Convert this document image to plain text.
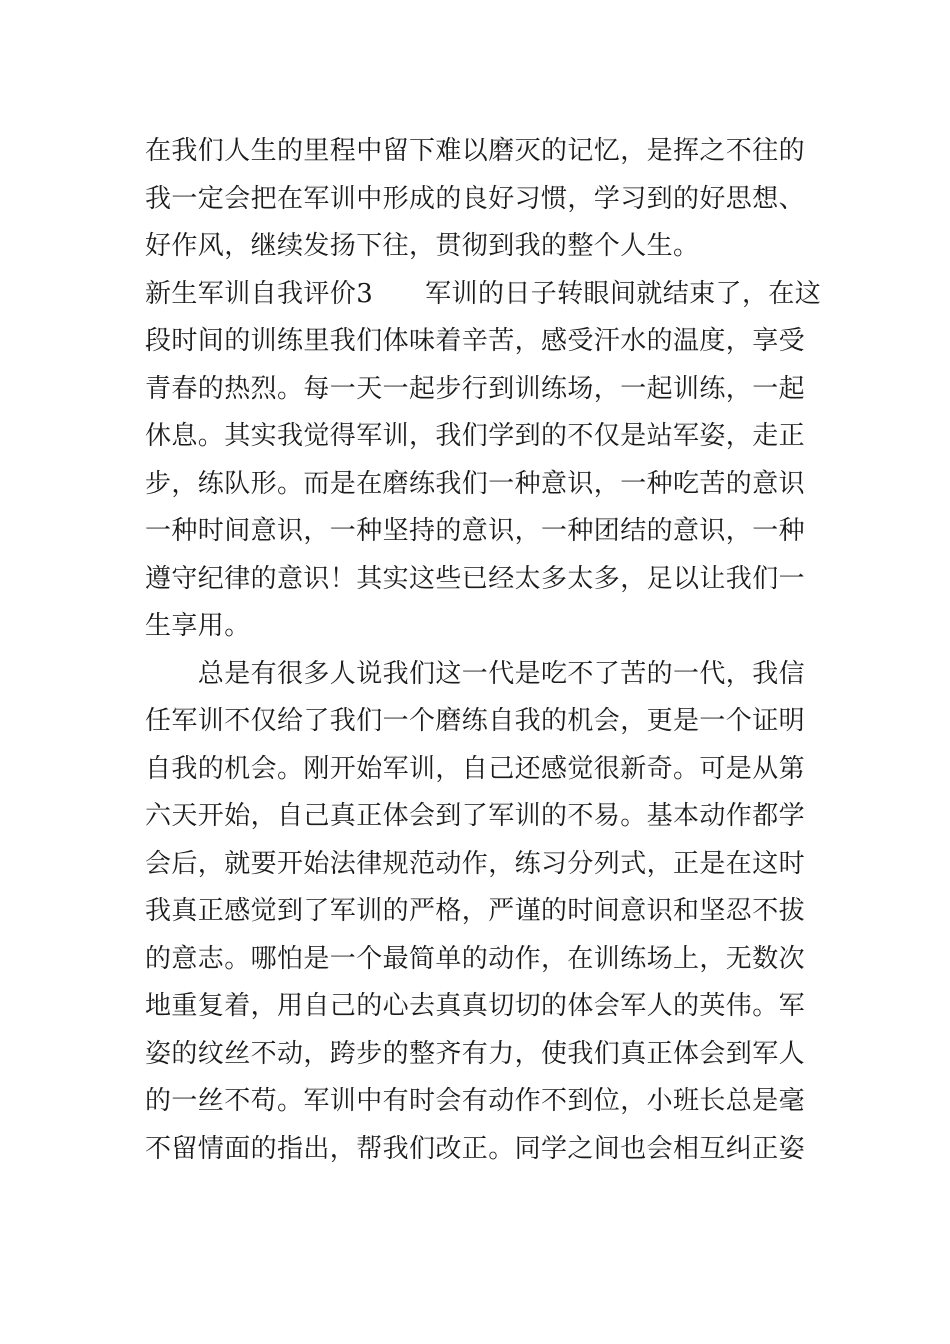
在我们人生的里程中留下难以磨灭的记忆，是挥之不往的
我一定会把在军训中形成的良好习惯，学习到的好思想、
好作风，继续发扬下往，贯彻到我的整个人生。
新生军训自我评价3 军训的日子转眼间就结束了，在这
段时间的训练里我们体味着辛苦，感受汗水的温度，享受
青春的热烈。每一天一起步行到训练场，一起训练，一起
休息。其实我觉得军训，我们学到的不仅是站军姿，走正
步，练队形。而是在磨练我们一种意识，一种吃苦的意识
一种时间意识，一种坚持的意识，一种团结的意识，一种
遵守纪律的意识！其实这些已经太多太多，足以让我们一
生享用。
　　总是有很多人说我们这一代是吃不了苦的一代，我信
任军训不仅给了我们一个磨练自我的机会，更是一个证明
自我的机会。刚开始军训，自己还感觉很新奇。可是从第
六天开始，自己真正体会到了军训的不易。基本动作都学
会后，就要开始法律规范动作，练习分列式，正是在这时
我真正感觉到了军训的严格，严谨的时间意识和坚忍不拔
的意志。哪怕是一个最简单的动作，在训练场上，无数次
地重复着，用自己的心去真真切切的体会军人的英伟。军
姿的纹丝不动，跨步的整齐有力，使我们真正体会到军人
的一丝不苟。军训中有时会有动作不到位，小班长总是毫
不留情面的指出，帮我们改正。同学之间也会相互纠正姿
